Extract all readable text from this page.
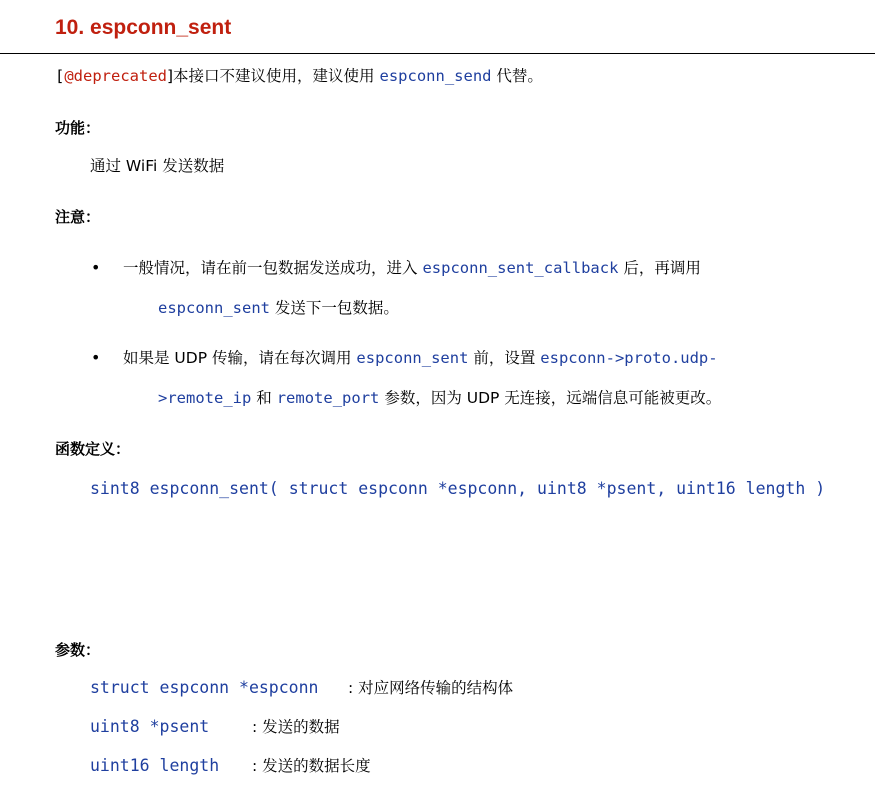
10. espconn_sent
[@deprecated]本接口不建议使用，建议使用 espconn_send 代替。
功能：
通过 WiFi 发送数据
注意：
• 一般情况，请在前一包数据发送成功，进入 espconn_sent_callback 后，再调用
espconn_sent 发送下一包数据。
• 如果是 UDP 传输，请在每次调用 espconn_sent 前，设置 espconn->proto.udp-
>remote_ip 和 remote_port 参数，因为 UDP 无连接，远端信息可能被更改。
函数定义：
sint8 espconn_sent( struct espconn *espconn, uint8 *psent, uint16 length )
参数：
struct espconn *espconn : 对应网络传输的结构体
uint8 *psent	: 发送的数据
uint16 length : 发送的数据长度
